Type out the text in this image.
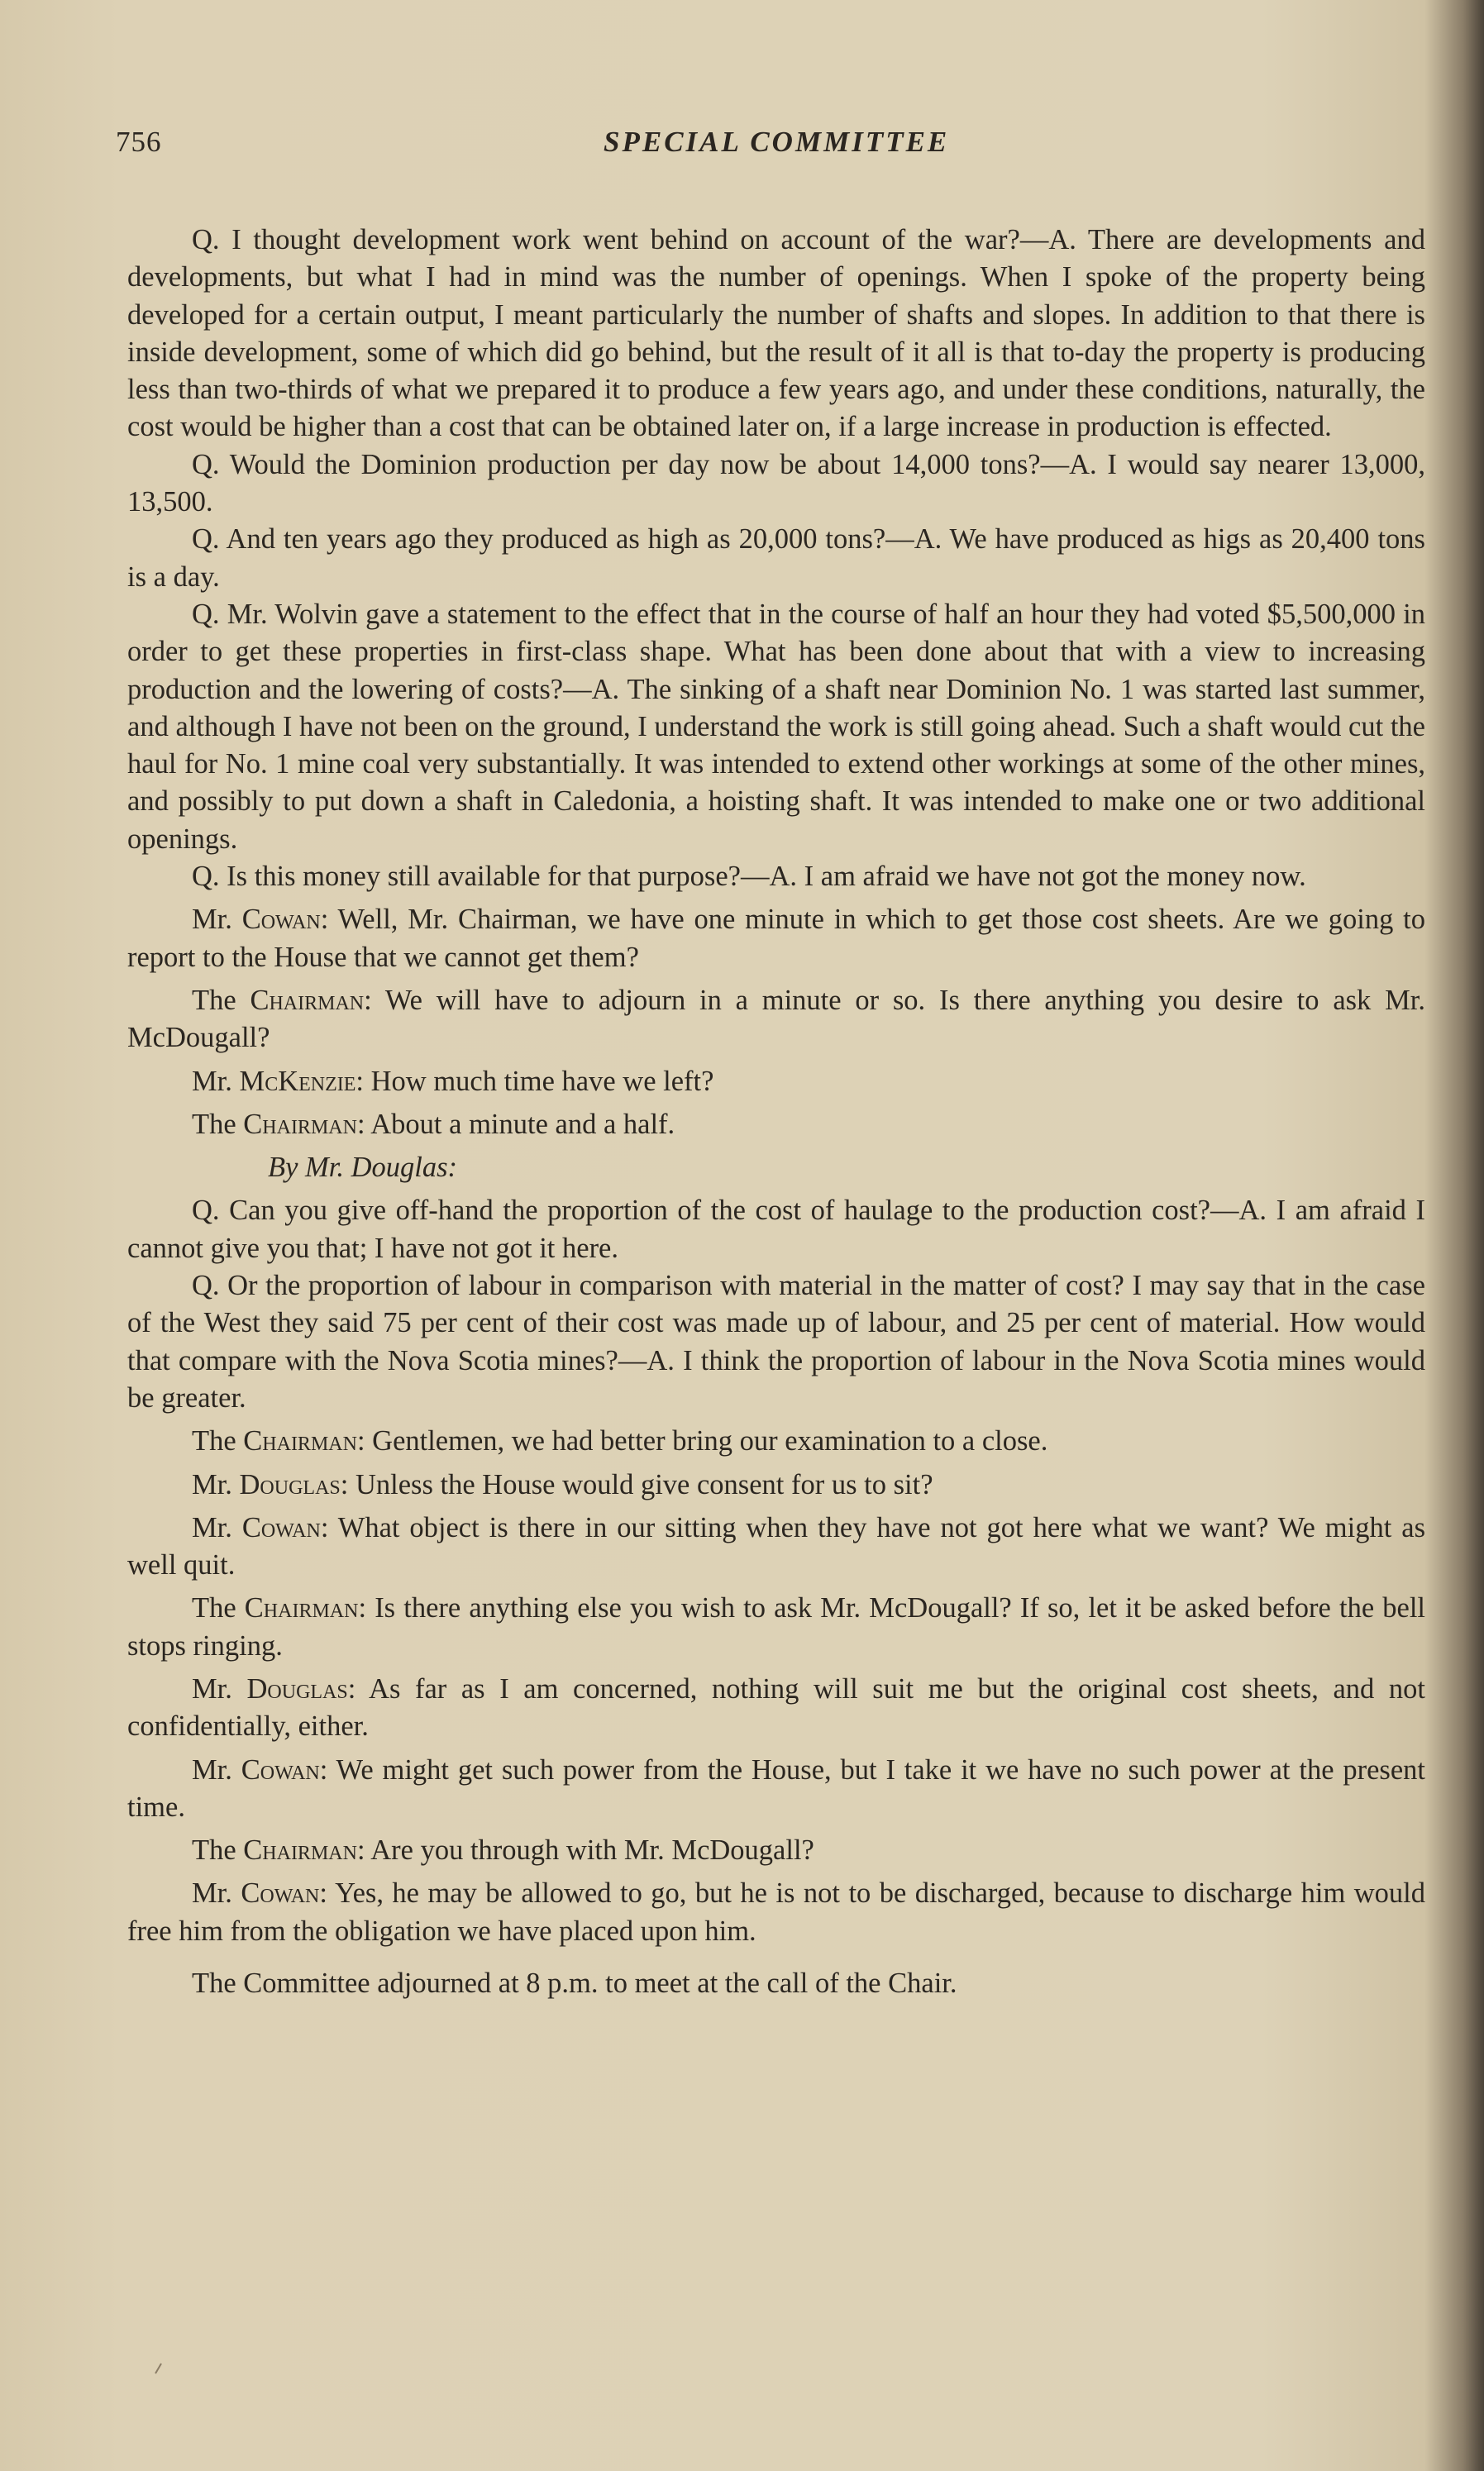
756	SPECIAL COMMITTEE

Q. I thought development work went behind on account of the war?—A. There are developments and developments, but what I had in mind was the number of openings. When I spoke of the property being developed for a certain output, I meant particularly the number of shafts and slopes. In addition to that there is inside development, some of which did go behind, but the result of it all is that to-day the property is producing less than two-thirds of what we prepared it to produce a few years ago, and under these conditions, naturally, the cost would be higher than a cost that can be obtained later on, if a large increase in production is effected.

Q. Would the Dominion production per day now be about 14,000 tons?—A. I would say nearer 13,000, 13,500.

Q. And ten years ago they produced as high as 20,000 tons?—A. We have produced as higs as 20,400 tons is a day.

Q. Mr. Wolvin gave a statement to the effect that in the course of half an hour they had voted $5,500,000 in order to get these properties in first-class shape. What has been done about that with a view to increasing production and the lowering of costs?—A. The sinking of a shaft near Dominion No. 1 was started last summer, and although I have not been on the ground, I understand the work is still going ahead. Such a shaft would cut the haul for No. 1 mine coal very substantially. It was intended to extend other workings at some of the other mines, and possibly to put down a shaft in Caledonia, a hoisting shaft. It was intended to make one or two additional openings.

Q. Is this money still available for that purpose?—A. I am afraid we have not got the money now.

Mr. Cowan: Well, Mr. Chairman, we have one minute in which to get those cost sheets. Are we going to report to the House that we cannot get them?

The Chairman: We will have to adjourn in a minute or so. Is there anything you desire to ask Mr. McDougall?

Mr. McKenzie: How much time have we left?

The Chairman: About a minute and a half.

By Mr. Douglas:

Q. Can you give off-hand the proportion of the cost of haulage to the production cost?—A. I am afraid I cannot give you that; I have not got it here.

Q. Or the proportion of labour in comparison with material in the matter of cost? I may say that in the case of the West they said 75 per cent of their cost was made up of labour, and 25 per cent of material. How would that compare with the Nova Scotia mines?—A. I think the proportion of labour in the Nova Scotia mines would be greater.

The Chairman: Gentlemen, we had better bring our examination to a close.

Mr. Douglas: Unless the House would give consent for us to sit?

Mr. Cowan: What object is there in our sitting when they have not got here what we want? We might as well quit.

The Chairman: Is there anything else you wish to ask Mr. McDougall? If so, let it be asked before the bell stops ringing.

Mr. Douglas: As far as I am concerned, nothing will suit me but the original cost sheets, and not confidentially, either.

Mr. Cowan: We might get such power from the House, but I take it we have no such power at the present time.

The Chairman: Are you through with Mr. McDougall?

Mr. Cowan: Yes, he may be allowed to go, but he is not to be discharged, because to discharge him would free him from the obligation we have placed upon him.

The Committee adjourned at 8 p.m. to meet at the call of the Chair.
